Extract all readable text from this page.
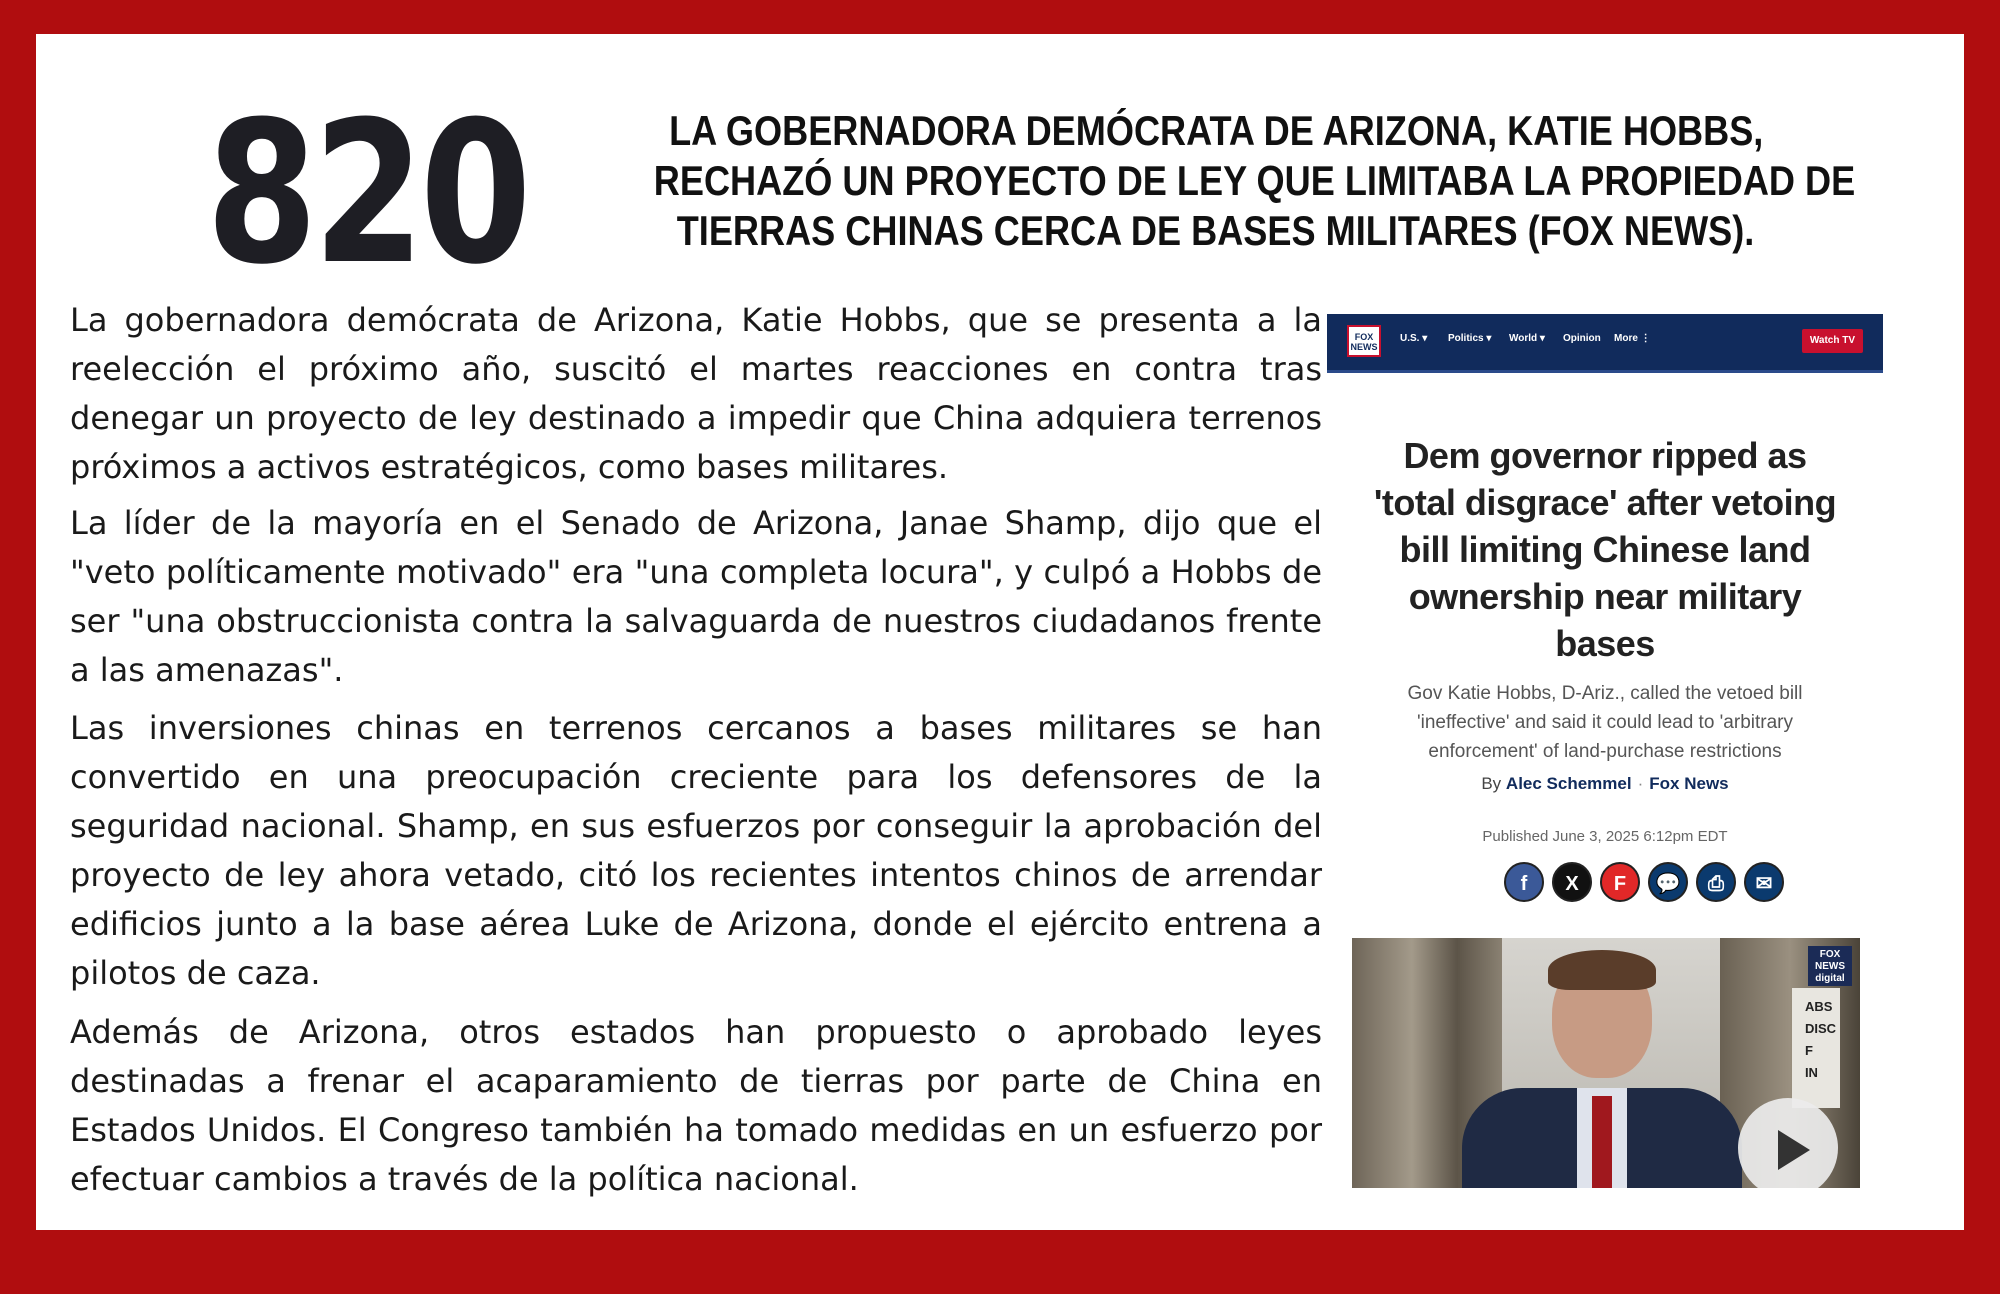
820	LA GOBERNADORA DEMÓCRATA DE ARIZONA, KATIE HOBBS,
RECHAZÓ UN PROYECTO DE LEY QUE LIMITABA LA PROPIEDAD DE
TIERRAS CHINAS CERCA DE BASES MILITARES (FOX NEWS).

La gobernadora demócrata de Arizona, Katie Hobbs, que se presenta a la reelección el próximo año, suscitó el martes reacciones en contra tras denegar un proyecto de ley destinado a impedir que China adquiera terrenos próximos a activos estratégicos, como bases militares.

La líder de la mayoría en el Senado de Arizona, Janae Shamp, dijo que el "veto políticamente motivado" era "una completa locura", y culpó a Hobbs de ser "una obstruccionista contra la salvaguarda de nuestros ciudadanos frente a las amenazas".

Las inversiones chinas en terrenos cercanos a bases militares se han convertido en una preocupación creciente para los defensores de la seguridad nacional. Shamp, en sus esfuerzos por conseguir la aprobación del proyecto de ley ahora vetado, citó los recientes intentos chinos de arrendar edificios junto a la base aérea Luke de Arizona, donde el ejército entrena a pilotos de caza.

Además de Arizona, otros estados han propuesto o aprobado leyes destinadas a frenar el acaparamiento de tierras por parte de China en Estados Unidos. El Congreso también ha tomado medidas en un esfuerzo por efectuar cambios a través de la política nacional.

FOX NEWS
U.S. ▾ Politics ▾ World ▾ Opinion More ⋮	Watch TV
Dem governor ripped as 'total disgrace' after vetoing bill limiting Chinese land ownership near military bases
Gov Katie Hobbs, D-Ariz., called the vetoed bill 'ineffective' and said it could lead to 'arbitrary enforcement' of land-purchase restrictions
By Alec Schemmel · Fox News
Published June 3, 2025 6:12pm EDT
f	X	F	💬	⎙	✉
ABS
DISC
F
IN
FOX NEWS digital
